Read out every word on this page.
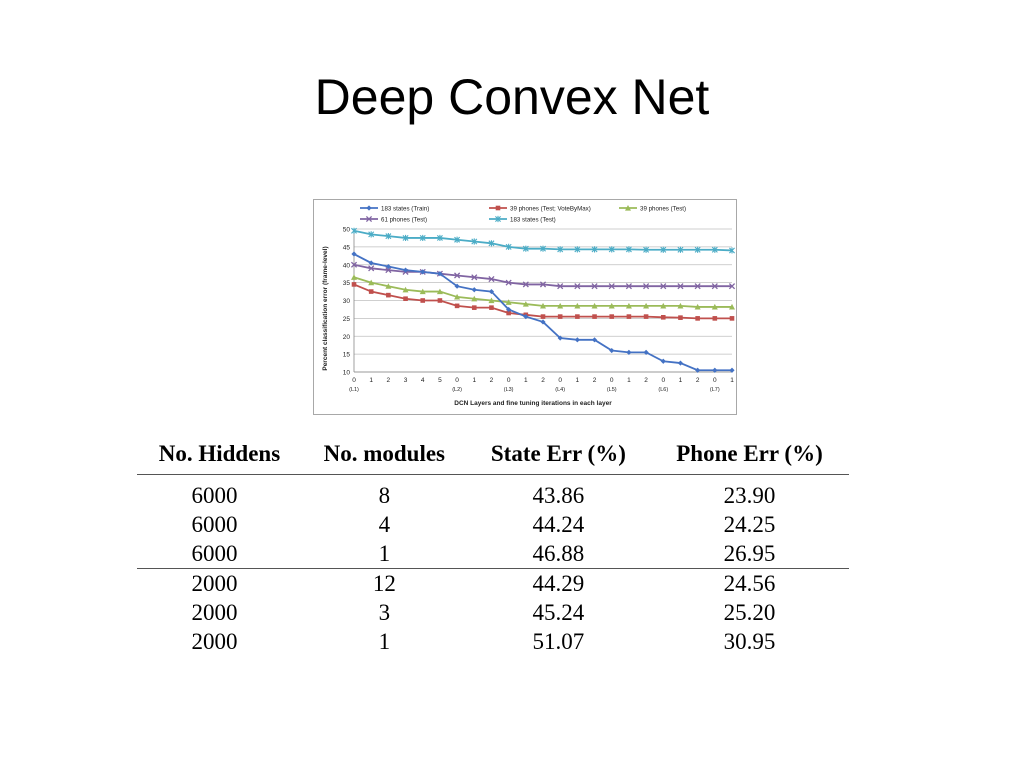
Deep Convex Net
10
15
20
25
30
35
40
45
50
0 1 2 3 4 5 0 1 2 0 1 2 0 1 2 0 1 2 0 1 2 0 1
(L1)	(L2)	(L3)	(L4)	(L5)	(L6)	(L7)
DCN Layers and fine tuning iterations in each layer
Percent classification error (frame-level)
183 states (Train)	39 phones (Test; VoteByMax)	39 phones (Test)
61 phones (Test)	183 states (Test)
No. Hiddens	No. modules	State Err (%)	Phone Err (%)

6000	8	43.86	23.90
6000	4	44.24	24.25
6000	1	46.88	26.95
2000	12	44.29	24.56
2000	3	45.24	25.20
2000	1	51.07	30.95
